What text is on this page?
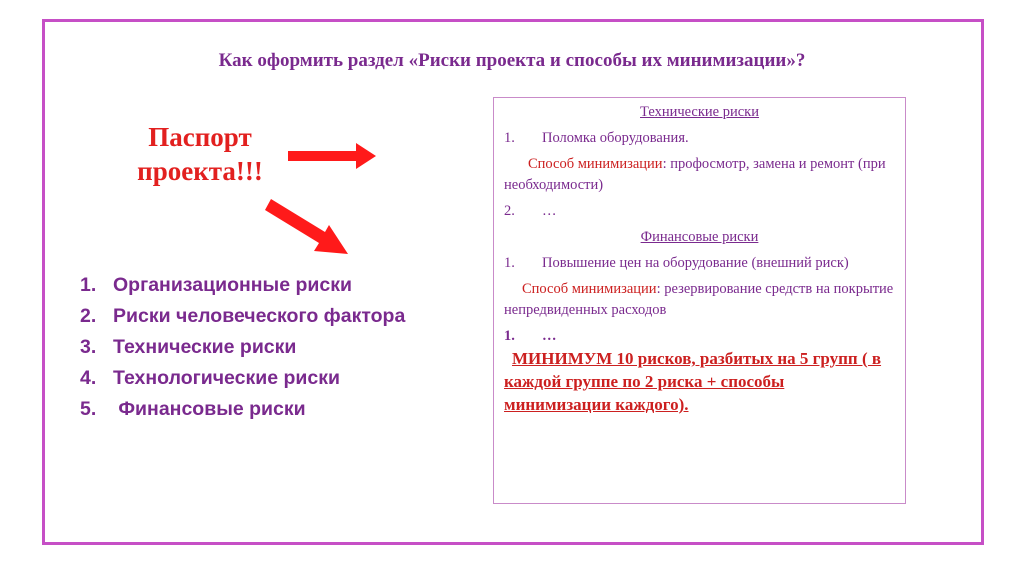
Как оформить раздел «Риски проекта и способы их минимизации»?
Паспорт
проекта!!!
1. Организационные риски
2. Риски человеческого фактора
3. Технические риски
4. Технологические риски
5. Финансовые риски

Технические риски

1.	Поломка оборудования.

Способ минимизации: профосмотр, замена и ремонт (при необходимости)

2.	…

Финансовые риски

1.	Повышение цен на оборудование (внешний риск)

Способ минимизации: резервирование средств на покрытие непредвиденных расходов

1.	…

МИНИМУМ 10 рисков, разбитых на 5 групп ( в каждой группе по 2 риска + способы минимизации каждого).
